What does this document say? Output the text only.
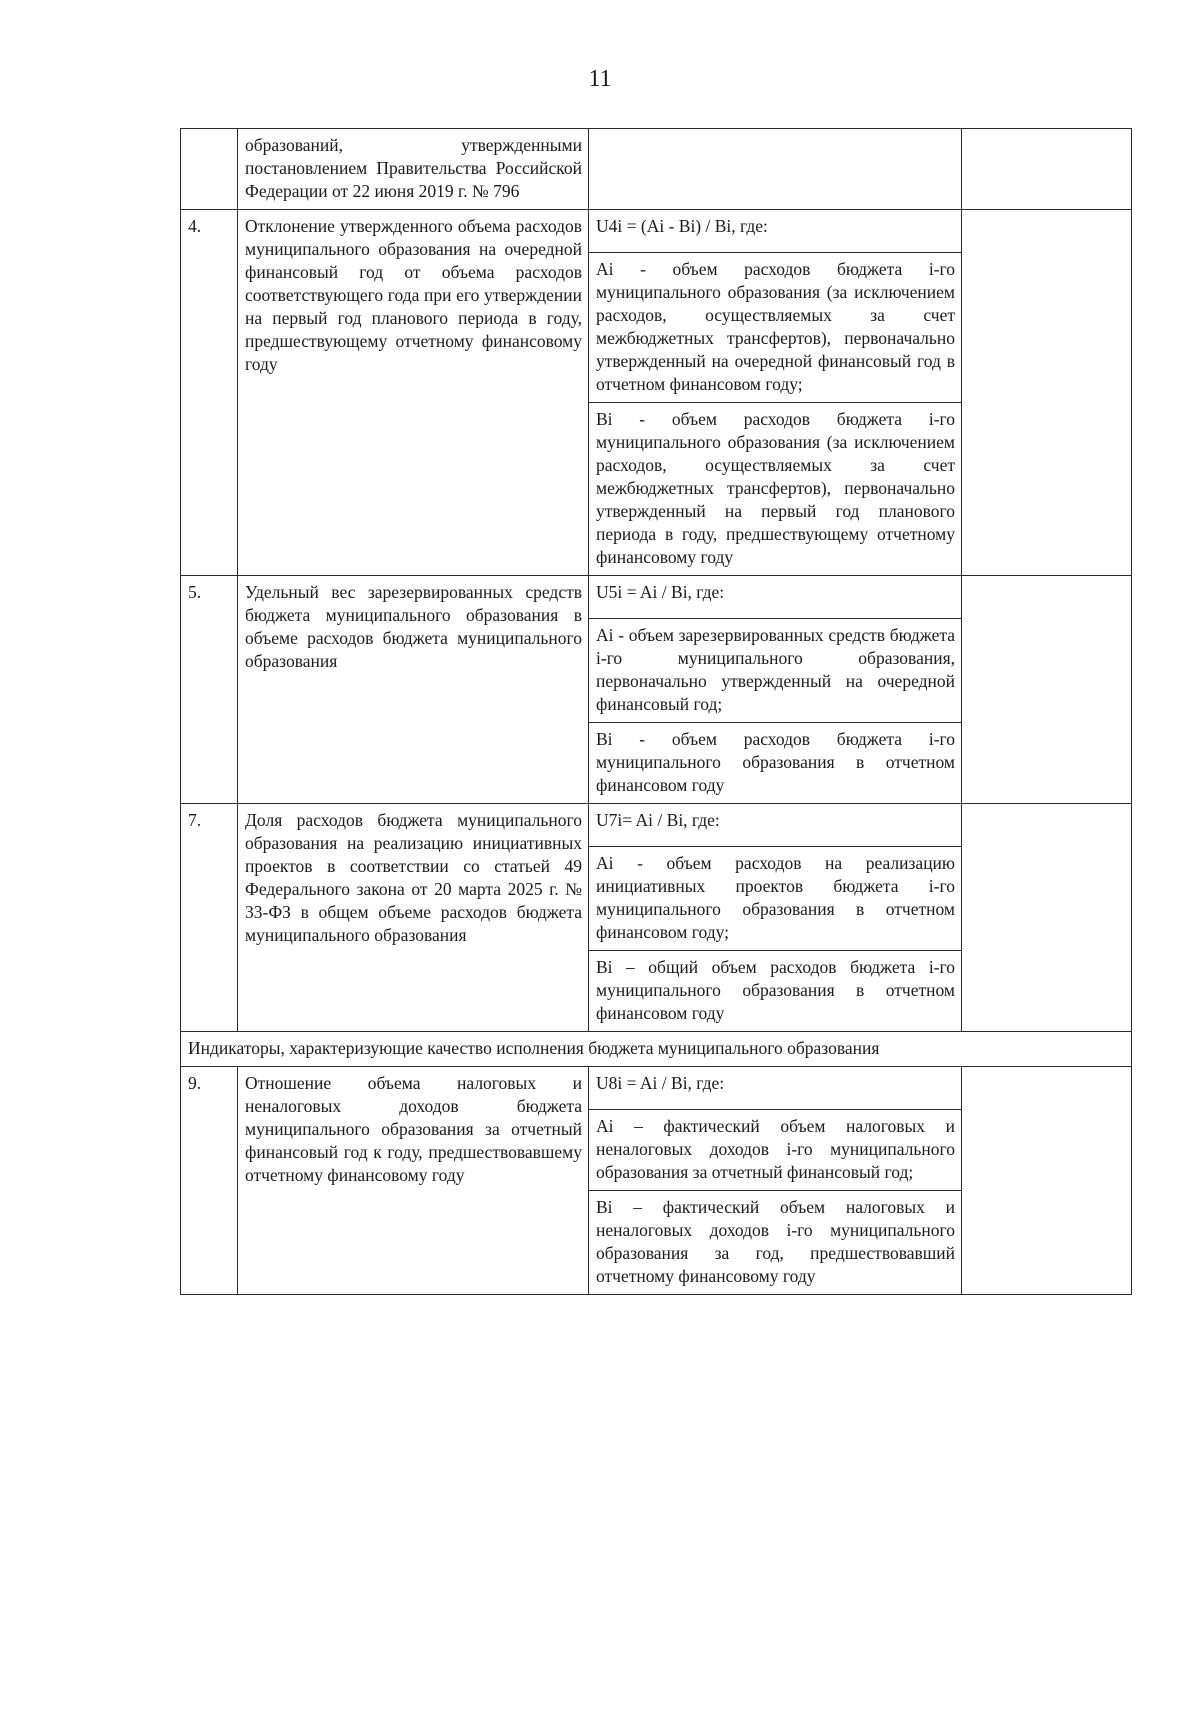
11
	образований, утвержденными постановлением Правительства Российской Федерации от 22 июня 2019 г. № 796		
4.	Отклонение утвержденного объема расходов муниципального образования на очередной финансовый год от объема расходов соответствующего года при его утверждении на первый год планового периода в году, предшествующему отчетному финансовому году	U4i = (Ai - Bi) / Bi, где:	
		Ai - объем расходов бюджета i-го муниципального образования (за исключением расходов, осуществляемых за счет межбюджетных трансфертов), первоначально утвержденный на очередной финансовый год в отчетном финансовом году;	
		Bi - объем расходов бюджета i-го муниципального образования (за исключением расходов, осуществляемых за счет межбюджетных трансфертов), первоначально утвержденный на первый год планового периода в году, предшествующему отчетному финансовому году	
5.	Удельный вес зарезервированных средств бюджета муниципального образования в объеме расходов бюджета муниципального образования	U5i = Ai / Bi, где:	
		Ai - объем зарезервированных средств бюджета i-го муниципального образования, первоначально утвержденный на очередной финансовый год;	
		Bi - объем расходов бюджета i-го муниципального образования в отчетном финансовом году	
7.	Доля расходов бюджета муниципального образования на реализацию инициативных проектов в соответствии со статьей 49 Федерального закона от 20 марта 2025 г. № 33-ФЗ в общем объеме расходов бюджета муниципального образования	U7i= Ai / Bi, где:	
		Ai - объем расходов на реализацию инициативных проектов бюджета i-го муниципального образования в отчетном финансовом году;	
		Bi – общий объем расходов бюджета i-го муниципального образования в отчетном финансовом году	
Индикаторы, характеризующие качество исполнения бюджета муниципального образования			
9.	Отношение объема налоговых и неналоговых доходов бюджета муниципального образования за отчетный финансовый год к году, предшествовавшему отчетному финансовому году	U8i = Ai / Bi, где:	
		Ai – фактический объем налоговых и неналоговых доходов i-го муниципального образования за отчетный финансовый год;	
		Bi – фактический объем налоговых и неналоговых доходов i-го муниципального образования за год, предшествовавший отчетному финансовому году	
